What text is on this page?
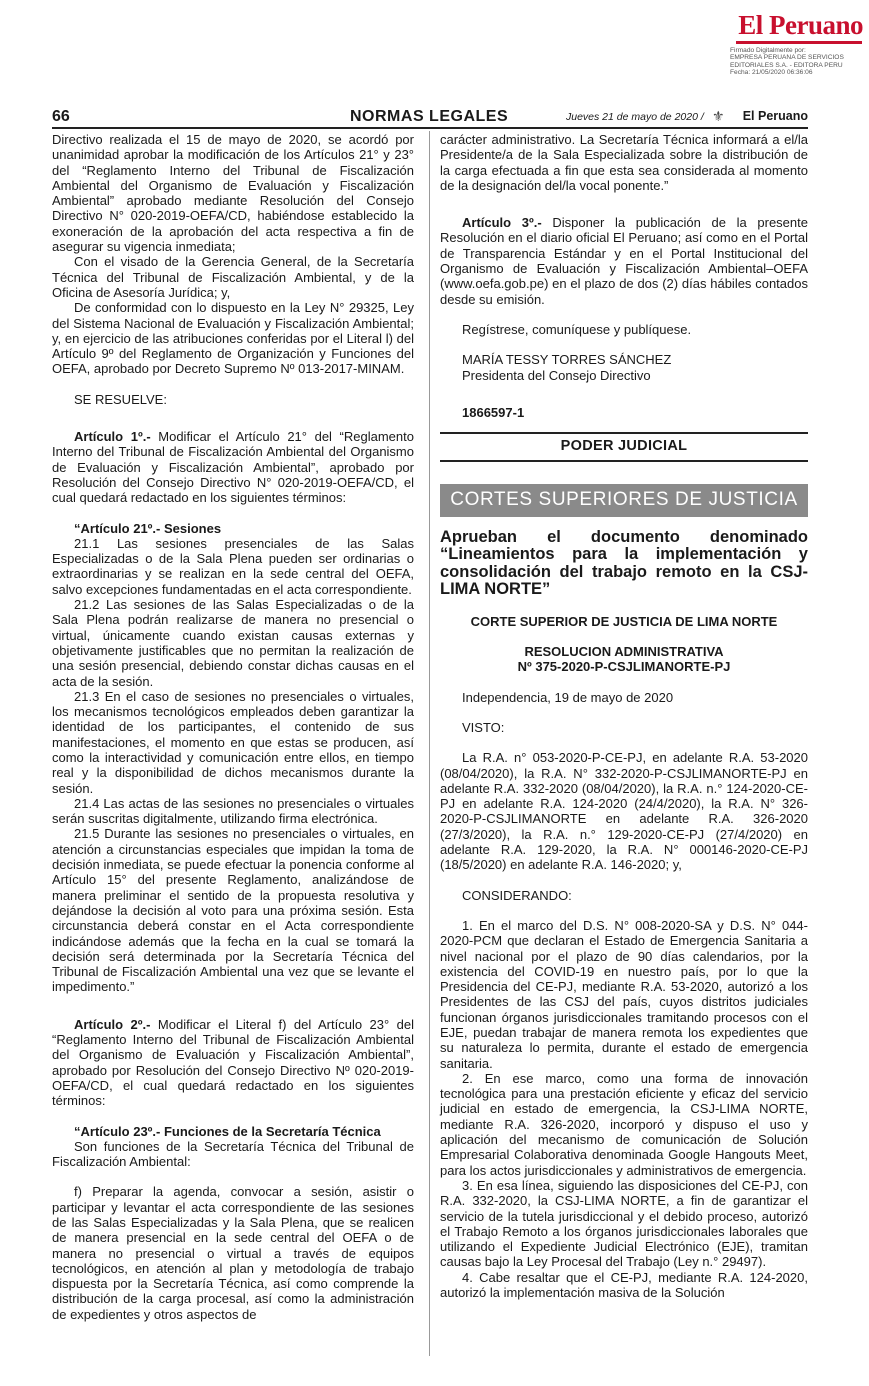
El Peruano
Firmado Digitalmente por:
EMPRESA PERUANA DE SERVICIOS
EDITORIALES S.A. - EDITORA PERU
Fecha: 21/05/2020 06:36:06
66	NORMAS LEGALES	Jueves 21 de mayo de 2020 / ⚜ El Peruano

Directivo realizada el 15 de mayo de 2020, se acordó por unanimidad aprobar la modificación de los Artículos 21° y 23° del “Reglamento Interno del Tribunal de Fiscalización Ambiental del Organismo de Evaluación y Fiscalización Ambiental” aprobado mediante Resolución del Consejo Directivo N° 020-2019-OEFA/CD, habiéndose establecido la exoneración de la aprobación del acta respectiva a fin de asegurar su vigencia inmediata;

Con el visado de la Gerencia General, de la Secretaría Técnica del Tribunal de Fiscalización Ambiental, y de la Oficina de Asesoría Jurídica; y,

De conformidad con lo dispuesto en la Ley N° 29325, Ley del Sistema Nacional de Evaluación y Fiscalización Ambiental; y, en ejercicio de las atribuciones conferidas por el Literal l) del Artículo 9º del Reglamento de Organización y Funciones del OEFA, aprobado por Decreto Supremo Nº 013-2017-MINAM.

SE RESUELVE:

Artículo 1º.- Modificar el Artículo 21° del “Reglamento Interno del Tribunal de Fiscalización Ambiental del Organismo de Evaluación y Fiscalización Ambiental”, aprobado por Resolución del Consejo Directivo N° 020-2019-OEFA/CD, el cual quedará redactado en los siguientes términos:

“Artículo 21º.- Sesiones

21.1 Las sesiones presenciales de las Salas Especializadas o de la Sala Plena pueden ser ordinarias o extraordinarias y se realizan en la sede central del OEFA, salvo excepciones fundamentadas en el acta correspondiente.

21.2 Las sesiones de las Salas Especializadas o de la Sala Plena podrán realizarse de manera no presencial o virtual, únicamente cuando existan causas externas y objetivamente justificables que no permitan la realización de una sesión presencial, debiendo constar dichas causas en el acta de la sesión.

21.3 En el caso de sesiones no presenciales o virtuales, los mecanismos tecnológicos empleados deben garantizar la identidad de los participantes, el contenido de sus manifestaciones, el momento en que estas se producen, así como la interactividad y comunicación entre ellos, en tiempo real y la disponibilidad de dichos mecanismos durante la sesión.

21.4 Las actas de las sesiones no presenciales o virtuales serán suscritas digitalmente, utilizando firma electrónica.

21.5 Durante las sesiones no presenciales o virtuales, en atención a circunstancias especiales que impidan la toma de decisión inmediata, se puede efectuar la ponencia conforme al Artículo 15° del presente Reglamento, analizándose de manera preliminar el sentido de la propuesta resolutiva y dejándose la decisión al voto para una próxima sesión. Esta circunstancia deberá constar en el Acta correspondiente indicándose además que la fecha en la cual se tomará la decisión será determinada por la Secretaría Técnica del Tribunal de Fiscalización Ambiental una vez que se levante el impedimento.”

Artículo 2º.- Modificar el Literal f) del Artículo 23° del “Reglamento Interno del Tribunal de Fiscalización Ambiental del Organismo de Evaluación y Fiscalización Ambiental”, aprobado por Resolución del Consejo Directivo Nº 020-2019-OEFA/CD, el cual quedará redactado en los siguientes términos:

“Artículo 23º.- Funciones de la Secretaría Técnica

Son funciones de la Secretaría Técnica del Tribunal de Fiscalización Ambiental:

f) Preparar la agenda, convocar a sesión, asistir o participar y levantar el acta correspondiente de las sesiones de las Salas Especializadas y la Sala Plena, que se realicen de manera presencial en la sede central del OEFA o de manera no presencial o virtual a través de equipos tecnológicos, en atención al plan y metodología de trabajo dispuesta por la Secretaría Técnica, así como comprende la distribución de la carga procesal, así como la administración de expedientes y otros aspectos de

carácter administrativo. La Secretaría Técnica informará a el/la Presidente/a de la Sala Especializada sobre la distribución de la carga efectuada a fin que esta sea considerada al momento de la designación del/la vocal ponente.”

Artículo 3º.- Disponer la publicación de la presente Resolución en el diario oficial El Peruano; así como en el Portal de Transparencia Estándar y en el Portal Institucional del Organismo de Evaluación y Fiscalización Ambiental–OEFA (www.oefa.gob.pe) en el plazo de dos (2) días hábiles contados desde su emisión.

Regístrese, comuníquese y publíquese.

MARÍA TESSY TORRES SÁNCHEZ

Presidenta del Consejo Directivo

1866597-1

PODER JUDICIAL
CORTES SUPERIORES DE JUSTICIA

Aprueban el documento denominado “Lineamientos para la implementación y consolidación del trabajo remoto en la CSJ-LIMA NORTE”

CORTE SUPERIOR DE JUSTICIA DE LIMA NORTE

RESOLUCION ADMINISTRATIVA

Nº 375-2020-P-CSJLIMANORTE-PJ

Independencia, 19 de mayo de 2020

VISTO:

La R.A. n° 053-2020-P-CE-PJ, en adelante R.A. 53-2020 (08/04/2020), la R.A. N° 332-2020-P-CSJLIMANORTE-PJ en adelante R.A. 332-2020 (08/04/2020), la R.A. n.° 124-2020-CE-PJ en adelante R.A. 124-2020 (24/4/2020), la R.A. N° 326-2020-P-CSJLIMANORTE en adelante R.A. 326-2020 (27/3/2020), la R.A. n.° 129-2020-CE-PJ (27/4/2020) en adelante R.A. 129-2020, la R.A. N° 000146-2020-CE-PJ (18/5/2020) en adelante R.A. 146-2020; y,

CONSIDERANDO:

1. En el marco del D.S. N° 008-2020-SA y D.S. N° 044-2020-PCM que declaran el Estado de Emergencia Sanitaria a nivel nacional por el plazo de 90 días calendarios, por la existencia del COVID-19 en nuestro país, por lo que la Presidencia del CE-PJ, mediante R.A. 53-2020, autorizó a los Presidentes de las CSJ del país, cuyos distritos judiciales funcionan órganos jurisdiccionales tramitando procesos con el EJE, puedan trabajar de manera remota los expedientes que su naturaleza lo permita, durante el estado de emergencia sanitaria.

2. En ese marco, como una forma de innovación tecnológica para una prestación eficiente y eficaz del servicio judicial en estado de emergencia, la CSJ-LIMA NORTE, mediante R.A. 326-2020, incorporó y dispuso el uso y aplicación del mecanismo de comunicación de Solución Empresarial Colaborativa denominada Google Hangouts Meet, para los actos jurisdiccionales y administrativos de emergencia.

3. En esa línea, siguiendo las disposiciones del CE-PJ, con R.A. 332-2020, la CSJ-LIMA NORTE, a fin de garantizar el servicio de la tutela jurisdiccional y el debido proceso, autorizó el Trabajo Remoto a los órganos jurisdiccionales laborales que utilizando el Expediente Judicial Electrónico (EJE), tramitan causas bajo la Ley Procesal del Trabajo (Ley n.° 29497).

4. Cabe resaltar que el CE-PJ, mediante R.A. 124-2020, autorizó la implementación masiva de la Solución
